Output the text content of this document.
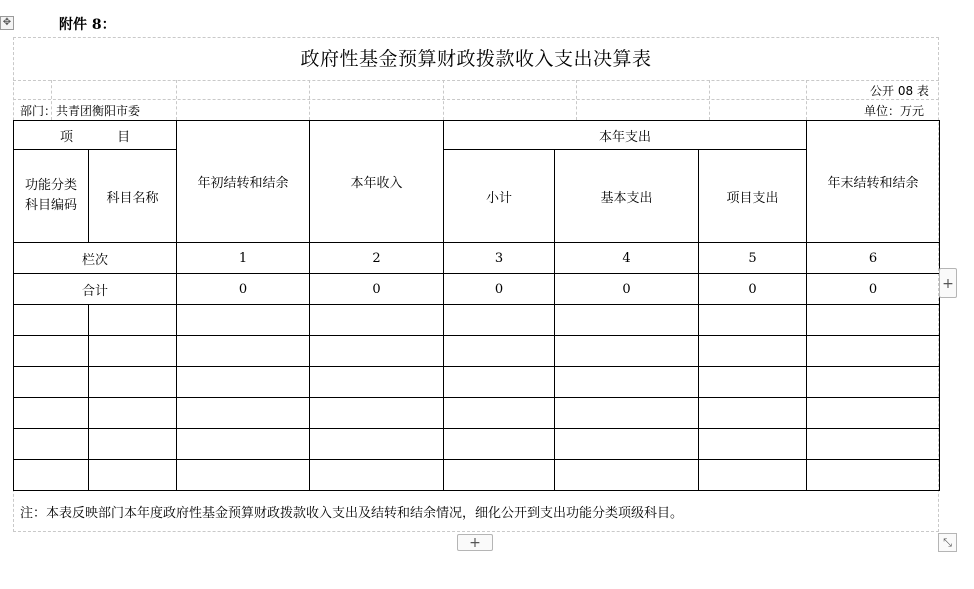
✥	附件 8：
政府性基金预算财政拨款收入支出决算表
公开 08 表
部门：共青团衡阳市委	单位：万元
项 目		年初结转和结余	本年收入	本年支出			年末结转和结余
功能分类科目编码	科目名称			小计	基本支出	项目支出	
栏次		1	2	3	4	5	6
合计		0	0	0	0	0	0

注：本表反映部门本年度政府性基金预算财政拨款收入支出及结转和结余情况，细化公开到支出功能分类项级科目。
+
+	⤡
